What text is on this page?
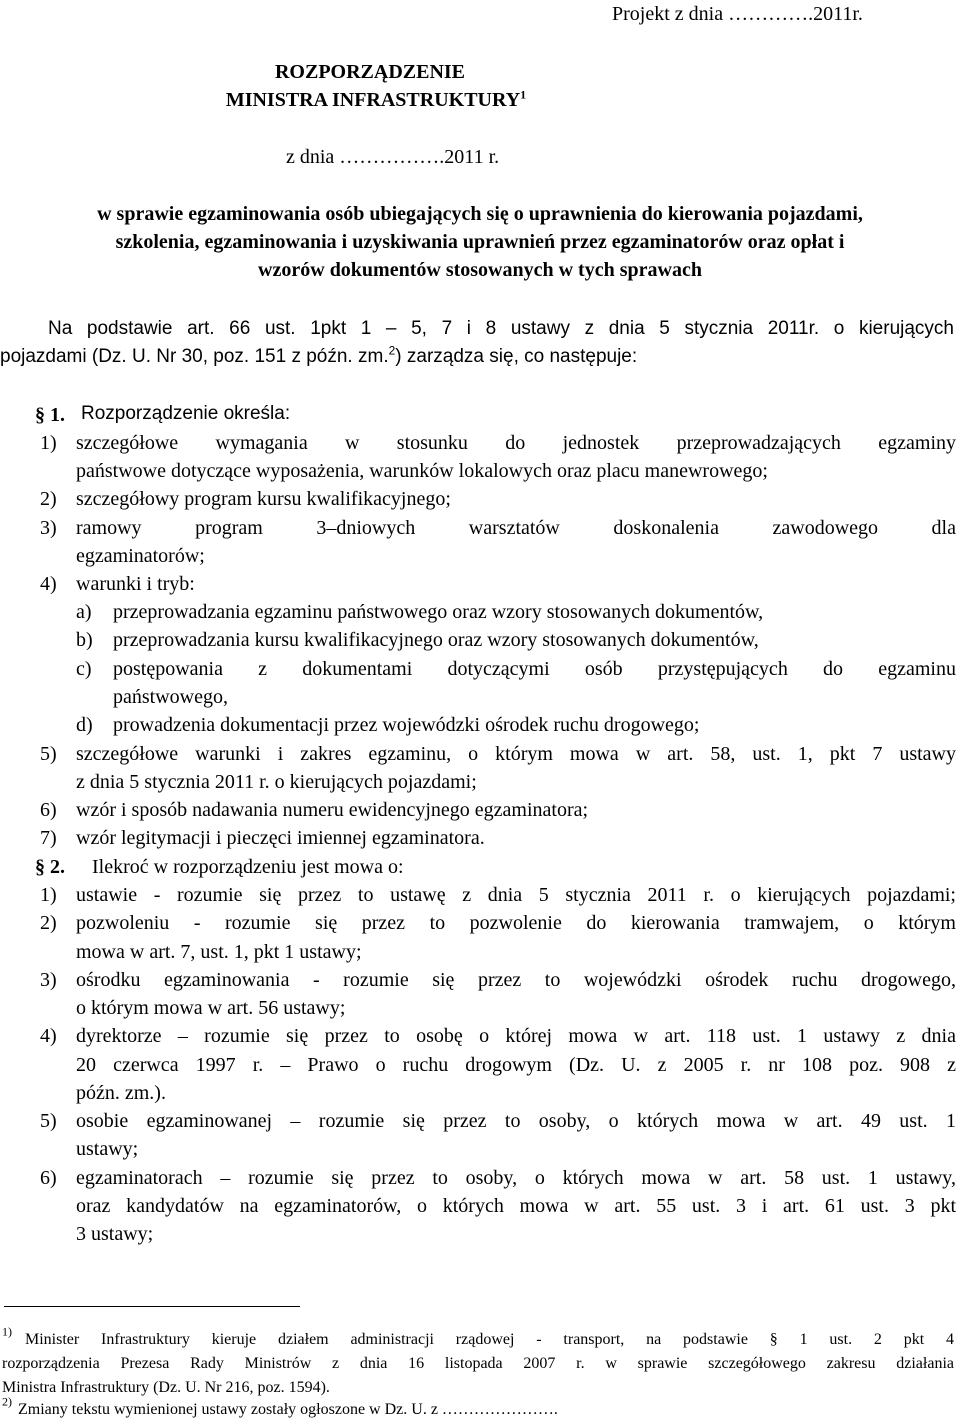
Projekt z dnia ………….2011r.
ROZPORZĄDZENIE
MINISTRA INFRASTRUKTURY$^1$
z dnia …………….2011 r.
w sprawie egzaminowania osób ubiegających się o uprawnienia do kierowania pojazdami,
szkolenia, egzaminowania i uzyskiwania uprawnień przez egzaminatorów oraz opłat i
wzorów dokumentów stosowanych w tych sprawach
Na podstawie art. 66 ust. 1pkt 1 – 5, 7 i 8 ustawy z dnia 5 stycznia 2011r. o kierujących
pojazdami (Dz. U. Nr 30, poz. 151 z późn. zm.$^2$) zarządza się, co następuje:
§ 1. Rozporządzenie określa:
1) szczegółowe wymagania w stosunku do jednostek przeprowadzających egzaminy
państwowe dotyczące wyposażenia, warunków lokalowych oraz placu manewrowego;
2) szczegółowy program kursu kwalifikacyjnego;
3) ramowy program 3–dniowych warsztatów doskonalenia zawodowego dla
egzaminatorów;
4) warunki i tryb:
a) przeprowadzania egzaminu państwowego oraz wzory stosowanych dokumentów,
b) przeprowadzania kursu kwalifikacyjnego oraz wzory stosowanych dokumentów,
c) postępowania z dokumentami dotyczącymi osób przystępujących do egzaminu
państwowego,
d) prowadzenia dokumentacji przez wojewódzki ośrodek ruchu drogowego;
5) szczegółowe warunki i zakres egzaminu, o którym mowa w art. 58, ust. 1, pkt 7 ustawy
z dnia 5 stycznia 2011 r. o kierujących pojazdami;
6) wzór i sposób nadawania numeru ewidencyjnego egzaminatora;
7) wzór legitymacji i pieczęci imiennej egzaminatora.
§ 2. Ilekroć w rozporządzeniu jest mowa o:
1) ustawie - rozumie się przez to ustawę z dnia 5 stycznia 2011 r. o kierujących pojazdami;
2) pozwoleniu - rozumie się przez to pozwolenie do kierowania tramwajem, o którym
mowa w art. 7, ust. 1, pkt 1 ustawy;
3) ośrodku egzaminowania - rozumie się przez to wojewódzki ośrodek ruchu drogowego,
o którym mowa w art. 56 ustawy;
4) dyrektorze – rozumie się przez to osobę o której mowa w art. 118 ust. 1 ustawy z dnia
20 czerwca 1997 r. – Prawo o ruchu drogowym (Dz. U. z 2005 r. nr 108 poz. 908 z
późn. zm.).
5) osobie egzaminowanej – rozumie się przez to osoby, o których mowa w art. 49 ust. 1
ustawy;
6) egzaminatorach – rozumie się przez to osoby, o których mowa w art. 58 ust. 1 ustawy,
oraz kandydatów na egzaminatorów, o których mowa w art. 55 ust. 3 i art. 61 ust. 3 pkt
3 ustawy;
$^{1)}$ Minister Infrastruktury kieruje działem administracji rządowej - transport, na podstawie § 1 ust. 2 pkt 4
rozporządzenia Prezesa Rady Ministrów z dnia 16 listopada 2007 r. w sprawie szczegółowego zakresu działania
Ministra Infrastruktury (Dz. U. Nr 216, poz. 1594).
$^{2)}$ Zmiany tekstu wymienionej ustawy zostały ogłoszone w Dz. U. z ………………….
